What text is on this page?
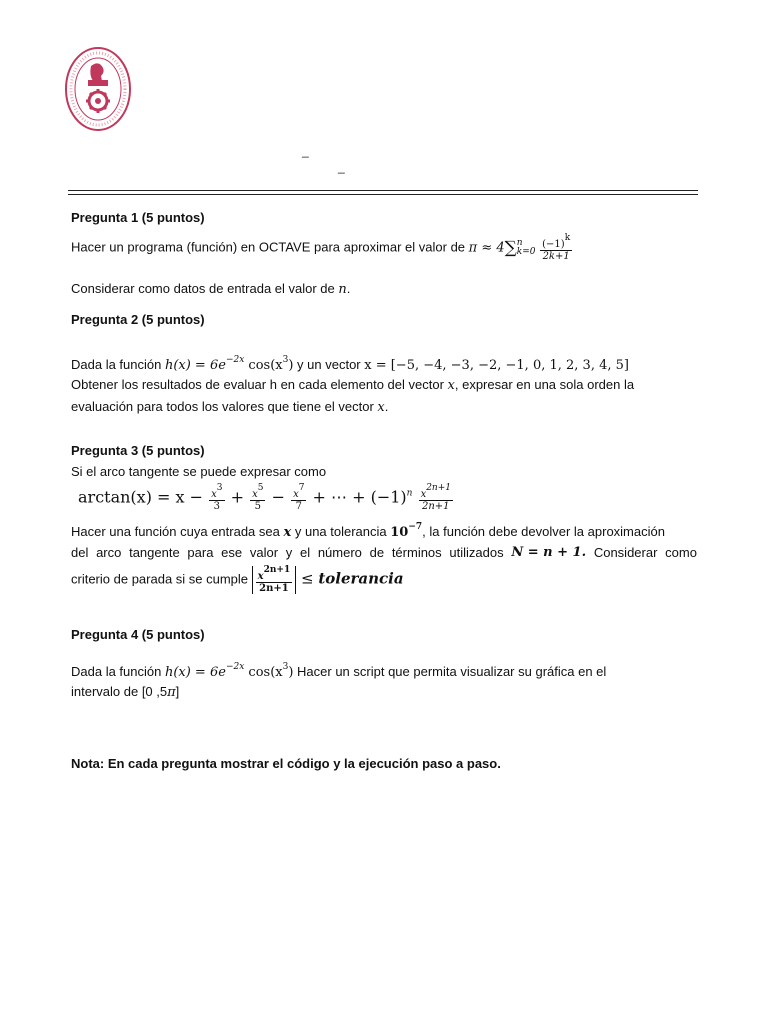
_
_
Pregunta 1 (5 puntos)
Hacer un programa (función) en OCTAVE para aproximar el valor de π ≈ 4∑ n
k=0
$\frac{(-1)k}{2k+1}$
Considerar como datos de entrada el valor de n.
Pregunta 2 (5 puntos)
Dada la función $h(x) = 6e^{-2x}$ $\cos(x^3)$ y un vector x = [−5, −4, −3, −2, −1, 0, 1, 2, 3, 4, 5]
Obtener los resultados de evaluar h en cada elemento del vector x, expresar en una sola orden la
evaluación para todos los valores que tiene el vector x.
Pregunta 3 (5 puntos)
Si el arco tangente se puede expresar como
$\arctan(x) = x - \frac{x3}{3} + \frac{x5}{5} - \frac{x7}{7}$ + ⋯ + $(-1)^n \frac{x2n+1}{2n+1}$
Hacer una función cuya entrada sea x y una tolerancia $10^{-7}$, la función debe devolver la aproximación
del arco tangente para ese valor y el número de términos utilizados N = n + 1. Considerar como
criterio de parada si se cumple $\frac{x2n+1}{2n+1}$ ≤ tolerancia
Pregunta 4 (5 puntos)
Dada la función $h(x) = 6e^{-2x}$ $\cos(x^3)$ Hacer un script que permita visualizar su gráfica en el
intervalo de [0 ,5π]
Nota: En cada pregunta mostrar el código y la ejecución paso a paso.
